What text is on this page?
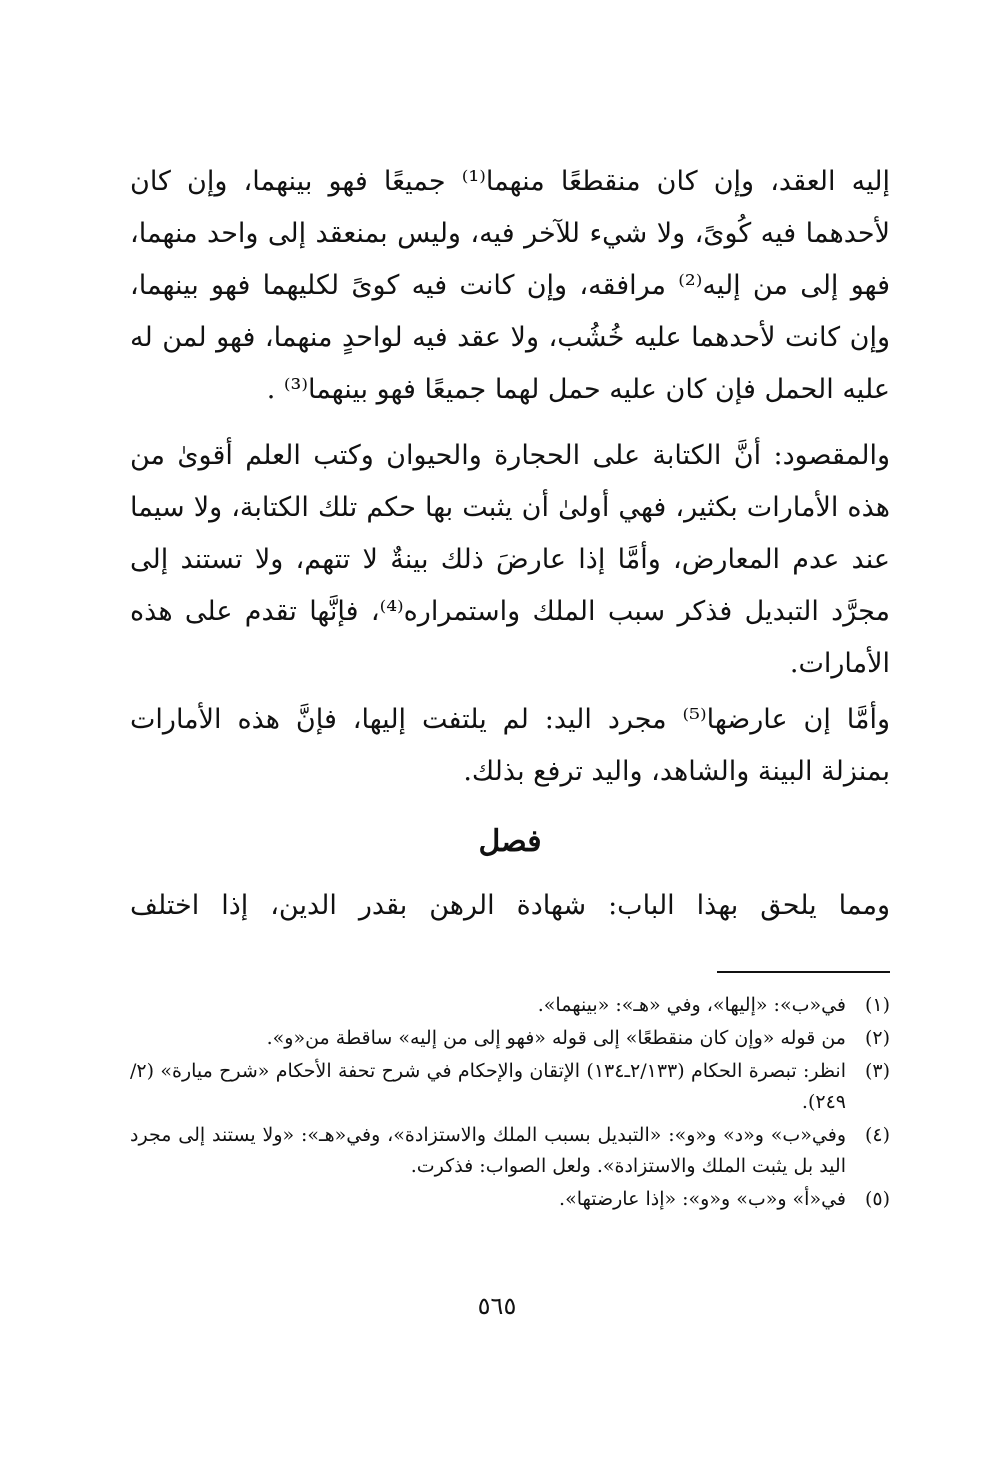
إليه العقد، وإن كان منقطعًا منهما⁽¹⁾ جميعًا فهو بينهما، وإن كان لأحدهما فيه كُوىً، ولا شيء للآخر فيه، وليس بمنعقد إلى واحد منهما، فهو إلى من إليه⁽²⁾ مرافقه، وإن كانت فيه كوىً لكليهما فهو بينهما، وإن كانت لأحدهما عليه خُشُب، ولا عقد فيه لواحدٍ منهما، فهو لمن له عليه الحمل فإن كان عليه حمل لهما جميعًا فهو بينهما⁽³⁾ .

والمقصود: أنَّ الكتابة على الحجارة والحيوان وكتب العلم أقوىٰ من هذه الأمارات بكثير، فهي أولىٰ أن يثبت بها حكم تلك الكتابة، ولا سيما عند عدم المعارض، وأمَّا إذا عارضَ ذلك بينةٌ لا تتهم، ولا تستند إلى مجرَّد التبديل فذكر سبب الملك واستمراره⁽⁴⁾، فإنَّها تقدم على هذه الأمارات.

وأمَّا إن عارضها⁽⁵⁾ مجرد اليد: لم يلتفت إليها، فإنَّ هذه الأمارات بمنزلة البينة والشاهد، واليد ترفع بذلك.

فصل

ومما يلحق بهذا الباب: شهادة الرهن بقدر الدين، إذا اختلف

(١)
في«ب»: «إليها»، وفي «هـ»: «بينهما».
(٢)
من قوله «وإن كان منقطعًا» إلى قوله «فهو إلى من إليه» ساقطة من«و».
(٣)
انظر: تبصرة الحكام (٢/١٣٣ـ١٣٤) الإتقان والإحكام في شرح تحفة الأحكام «شرح ميارة» (٢/ ٢٤٩).
(٤)
وفي«ب» و«د» و«و»: «التبديل بسبب الملك والاستزادة»، وفي«هـ»: «ولا يستند إلى مجرد اليد بل يثبت الملك والاستزادة». ولعل الصواب: فذكرت.
(٥)
في«أ» و«ب» و«و»: «إذا عارضتها».
٥٦٥
